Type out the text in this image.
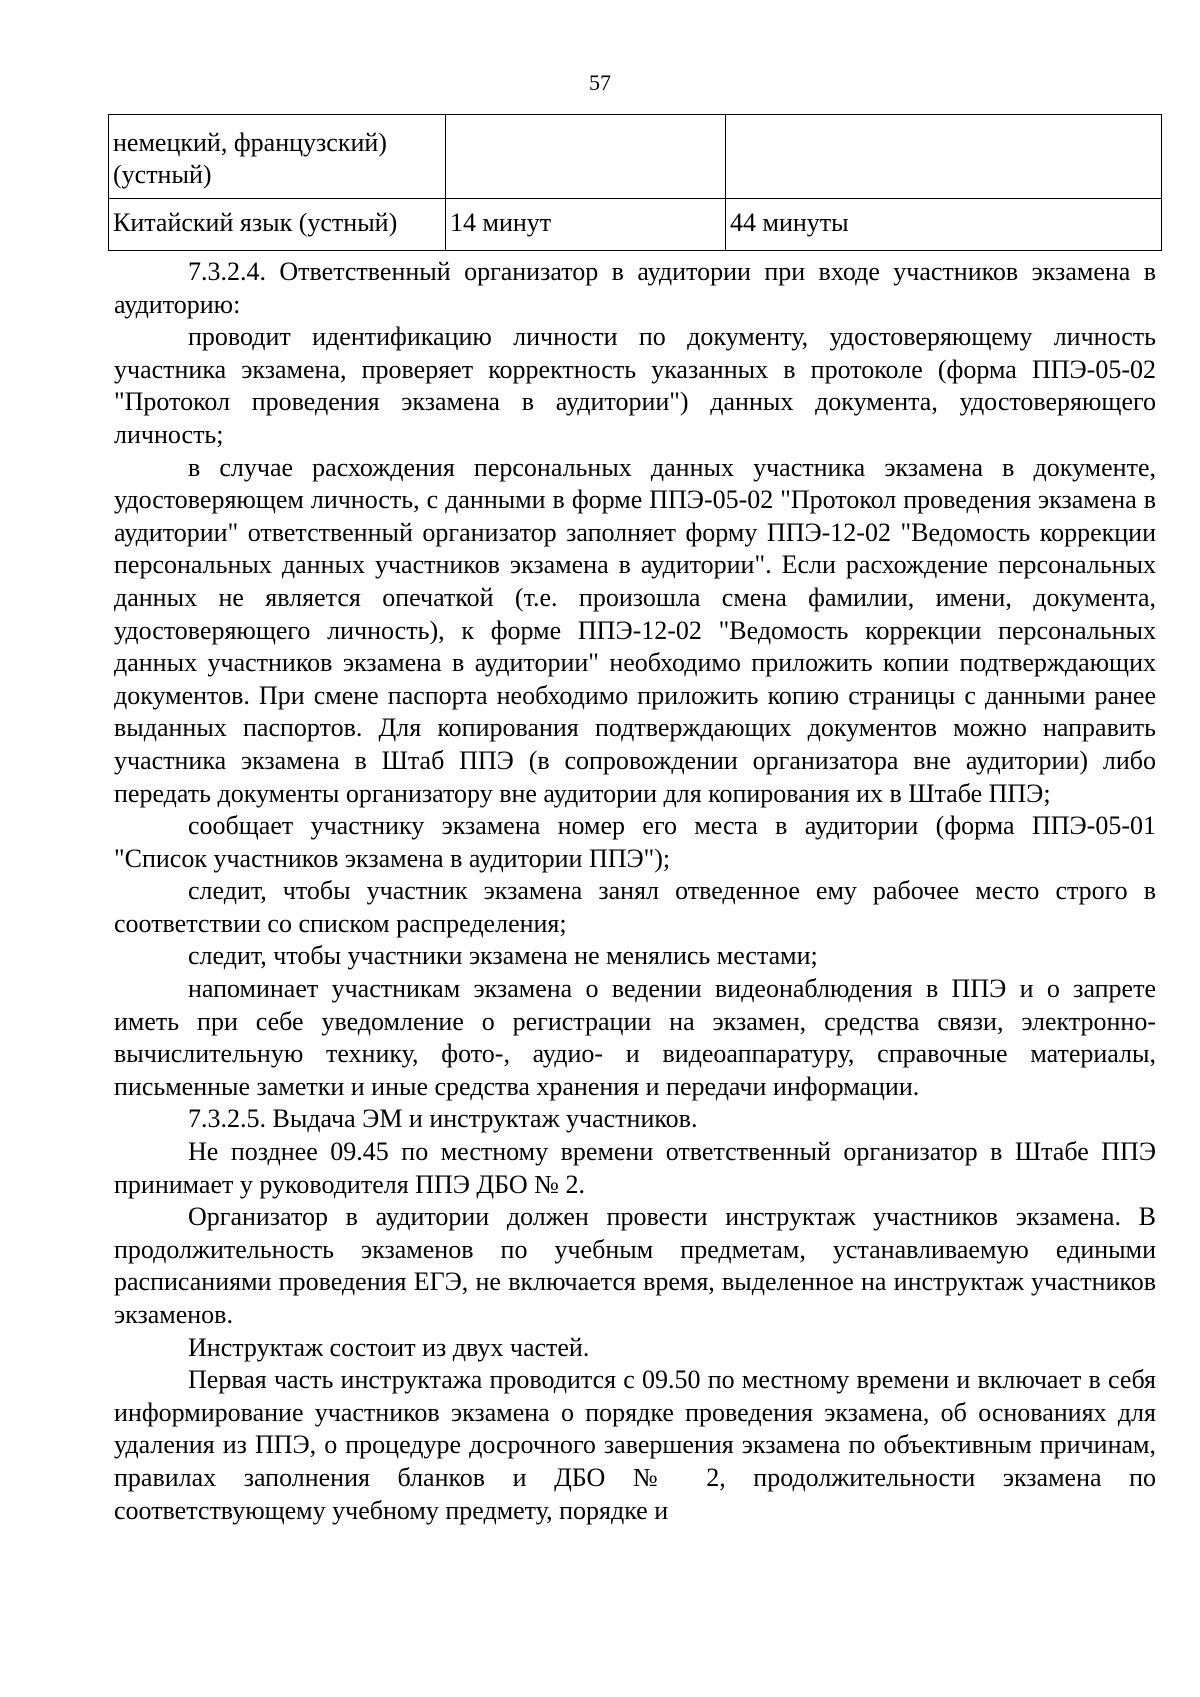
57
немецкий, французский) (устный)		
Китайский язык (устный)	14 минут	44 минуты

7.3.2.4. Ответственный организатор в аудитории при входе участников экзамена в аудиторию:

проводит идентификацию личности по документу, удостоверяющему личность участника экзамена, проверяет корректность указанных в протоколе (форма ППЭ-05-02 "Протокол проведения экзамена в аудитории") данных документа, удостоверяющего личность;

в случае расхождения персональных данных участника экзамена в документе, удостоверяющем личность, с данными в форме ППЭ-05-02 "Протокол проведения экзамена в аудитории" ответственный организатор заполняет форму ППЭ-12-02 "Ведомость коррекции персональных данных участников экзамена в аудитории". Если расхождение персональных данных не является опечаткой (т.е. произошла смена фамилии, имени, документа, удостоверяющего личность), к форме ППЭ-12-02 "Ведомость коррекции персональных данных участников экзамена в аудитории" необходимо приложить копии подтверждающих документов. При смене паспорта необходимо приложить копию страницы с данными ранее выданных паспортов. Для копирования подтверждающих документов можно направить участника экзамена в Штаб ППЭ (в сопровождении организатора вне аудитории) либо передать документы организатору вне аудитории для копирования их в Штабе ППЭ;

сообщает участнику экзамена номер его места в аудитории (форма ППЭ-05-01 "Список участников экзамена в аудитории ППЭ");

следит, чтобы участник экзамена занял отведенное ему рабочее место строго в соответствии со списком распределения;

следит, чтобы участники экзамена не менялись местами;

напоминает участникам экзамена о ведении видеонаблюдения в ППЭ и о запрете иметь при себе уведомление о регистрации на экзамен, средства связи, электронно-вычислительную технику, фото-, аудио- и видеоаппаратуру, справочные материалы, письменные заметки и иные средства хранения и передачи информации.

7.3.2.5. Выдача ЭМ и инструктаж участников.

Не позднее 09.45 по местному времени ответственный организатор в Штабе ППЭ принимает у руководителя ППЭ ДБО № 2.

Организатор в аудитории должен провести инструктаж участников экзамена. В продолжительность экзаменов по учебным предметам, устанавливаемую едиными расписаниями проведения ЕГЭ, не включается время, выделенное на инструктаж участников экзаменов.

Инструктаж состоит из двух частей.

Первая часть инструктажа проводится с 09.50 по местному времени и включает в себя информирование участников экзамена о порядке проведения экзамена, об основаниях для удаления из ППЭ, о процедуре досрочного завершения экзамена по объективным причинам, правилах заполнения бланков и ДБО № 2, продолжительности экзамена по соответствующему учебному предмету, порядке и
